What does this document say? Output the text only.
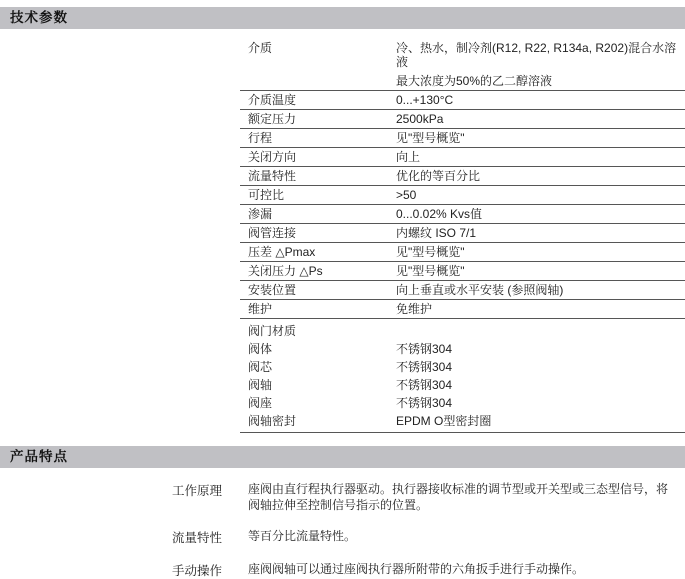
技术参数
介质	冷、热水，制冷剂(R12, R22, R134a, R202)混合水溶液
最大浓度为50%的乙二醇溶液
介质温度	0...+130°C
额定压力	2500kPa
行程	见"型号概览"
关闭方向	向上
流量特性	优化的等百分比
可控比	>50
渗漏	0...0.02% Kvs值
阀管连接	内螺纹 ISO 7/1
压差 △Pmax	见"型号概览"
关闭压力 △Ps	见"型号概览"
安装位置	向上垂直或水平安装 (参照阀轴)
维护	免维护
阀门材质
阀体	不锈钢304
阀芯	不锈钢304
阀轴	不锈钢304
阀座	不锈钢304
阀轴密封	EPDM O型密封圈
产品特点
工作原理	座阀由直行程执行器驱动。执行器接收标准的调节型或开关型或三态型信号，将阀轴拉伸至控制信号指示的位置。
流量特性	等百分比流量特性。
手动操作	座阀阀轴可以通过座阀执行器所附带的六角扳手进行手动操作。
